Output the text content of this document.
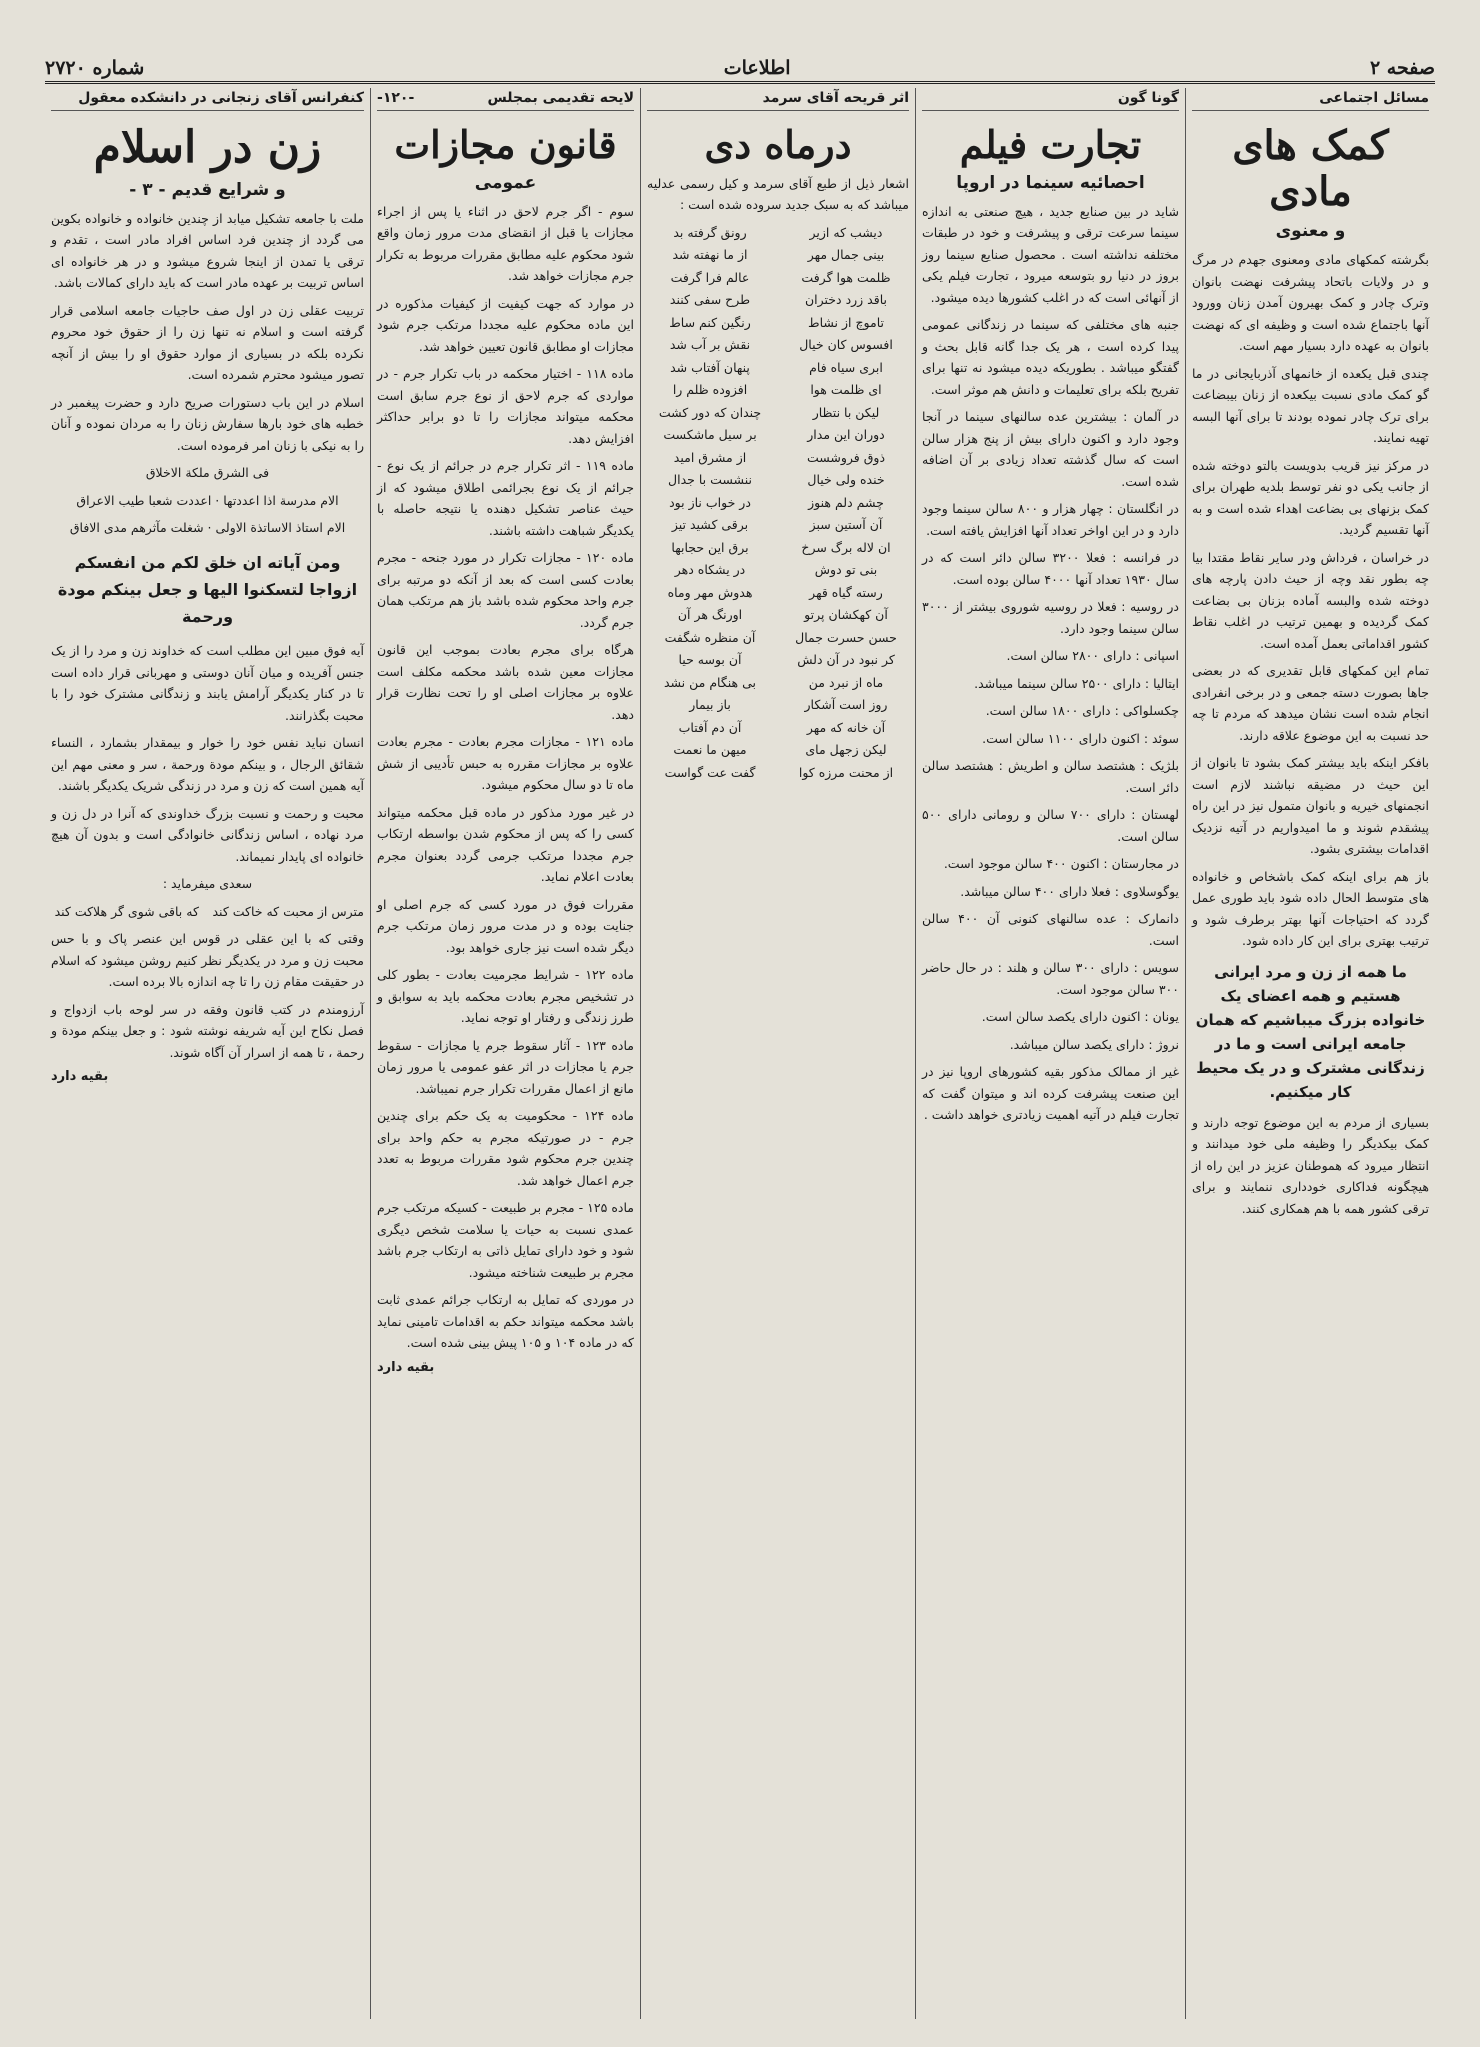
صفحه ۲
اطلاعات
شماره ۲۷۲۰
مسائل اجتماعی
کمک های مادی
و معنوی

بگرشته کمکهای مادی ومعنوی جهدم در مرگ و در ولایات باتحاد پیشرفت نهضت بانوان وترک چادر و کمک بهیرون آمدن زنان وورود آنها باجتماع شده است و وظیفه ای که نهضت بانوان به عهده دارد بسیار مهم است.

چندی قبل یکعده از خانمهای آذربایجانی در ما گو کمک مادی نسبت بیکعده از زنان بیبضاعت برای ترک چادر نموده بودند تا برای آنها البسه تهیه نمایند.

در مرکز نیز قریب بدویست بالتو دوخته شده از جانب یکی دو نفر توسط بلدیه طهران برای کمک بزنهای بی بضاعت اهداء شده است و به آنها تقسیم گردید.

در خراسان ، فرداش ودر سایر نقاط مقتدا بیا چه بطور نقد وچه از حیث دادن پارچه های دوخته شده والبسه آماده بزنان بی بضاعت کمک گردیده و بهمین ترتیب در اغلب نقاط کشور اقداماتی بعمل آمده است.

تمام این کمکهای قابل تقدیری که در بعضی جاها بصورت دسته جمعی و در برخی انفرادی انجام شده است نشان میدهد که مردم تا چه حد نسبت به این موضوع علاقه دارند.

بافکر اینکه باید بیشتر کمک بشود تا بانوان از این حیث در مضیقه نباشند لازم است انجمنهای خیریه و بانوان متمول نیز در این راه پیشقدم شوند و ما امیدواریم در آتیه نزدیک اقدامات بیشتری بشود.

باز هم برای اینکه کمک باشخاص و خانواده های متوسط الحال داده شود باید طوری عمل گردد که احتیاجات آنها بهتر برطرف شود و ترتیب بهتری برای این کار داده شود.

ما همه از زن و مرد ایرانی هستیم و همه اعضای یک خانواده بزرگ میباشیم که همان جامعه ایرانی است و ما در زندگانی مشترک و در یک محیط کار میکنیم.

بسیاری از مردم به این موضوع توجه دارند و کمک بیکدیگر را وظیفه ملی خود میدانند و انتظار میرود که هموطنان عزیز در این راه از هیچگونه فداکاری خودداری ننمایند و برای ترقی کشور همه با هم همکاری کنند.

گونا گون
تجارت فیلم
احصائیه سینما در اروپا

شاید در بین صنایع جدید ، هیچ صنعتی به اندازه سینما سرعت ترقی و پیشرفت و خود در طبقات مختلفه نداشته است . محصول صنایع سینما روز بروز در دنیا رو بتوسعه میرود ، تجارت فیلم یکی از آنهائی است که در اغلب کشورها دیده میشود.

جنبه های مختلفی که سینما در زندگانی عمومی پیدا کرده است ، هر یک جدا گانه قابل بحث و گفتگو میباشد . بطوریکه دیده میشود نه تنها برای تفریح بلکه برای تعلیمات و دانش هم موثر است.

در آلمان : بیشترین عده سالنهای سینما در آنجا وجود دارد و اکنون دارای بیش از پنج هزار سالن است که سال گذشته تعداد زیادی بر آن اضافه شده است.

در انگلستان : چهار هزار و ۸۰۰ سالن سینما وجود دارد و در این اواخر تعداد آنها افزایش یافته است.

در فرانسه : فعلا ۳۲۰۰ سالن دائر است که در سال ۱۹۳۰ تعداد آنها ۴۰۰۰ سالن بوده است.

در روسیه : فعلا در روسیه شوروی بیشتر از ۳۰۰۰ سالن سینما وجود دارد.

اسپانی : دارای ۲۸۰۰ سالن است.

ایتالیا : دارای ۲۵۰۰ سالن سینما میباشد.

چکسلواکی : دارای ۱۸۰۰ سالن است.

سوئد : اکنون دارای ۱۱۰۰ سالن است.

بلژیک : هشتصد سالن و اطریش : هشتصد سالن دائر است.

لهستان : دارای ۷۰۰ سالن و رومانی دارای ۵۰۰ سالن است.

در مجارستان : اکنون ۴۰۰ سالن موجود است.

یوگوسلاوی : فعلا دارای ۴۰۰ سالن میباشد.

دانمارک : عده سالنهای کنونی آن ۴۰۰ سالن است.

سویس : دارای ۳۰۰ سالن و هلند : در حال حاضر ۳۰۰ سالن موجود است.

یونان : اکنون دارای یکصد سالن است.

نروژ : دارای یکصد سالن میباشد.

غیر از ممالک مذکور بقیه کشورهای اروپا نیز در این صنعت پیشرفت کرده اند و میتوان گفت که تجارت فیلم در آتیه اهمیت زیادتری خواهد داشت .

اثر قریحه آقای سرمد
درماه دی

اشعار ذیل از طبع آقای سرمد و کیل رسمی عدلیه میباشد که به سبک جدید سروده شده است :

دیشب که ازیر
رونق گرفته بد
بینی جمال مهر
از ما نهفته شد
ظلمت هوا گرفت
عالم فرا گرفت
باقد زرد دختران
طرح سفی کنند
تاموچ از نشاط
رنگین کنم ساط
افسوس کان خیال
نقش بر آب شد
ابری سیاه فام
پنهان آفتاب شد
ای ظلمت هوا
افزوده ظلم را
لیکن با نتظار
چندان که دور کشت
دوران این مدار
بر سیل ماشکست
ذوق فروشست
از مشرق امید
خنده ولی خیال
ننشست با جدال
چشم دلم هنوز
در خواب ناز بود
آن آستین سبز
برقی کشید تیز
ان لاله برگ سرخ
برق این حجابها
بنی تو دوش
در یشکاه دهر
رسته گیاه قهر
هدوش مهر وماه
آن کهکشان پرتو
اورنگ هر آن
حسن حسرت جمال
آن منظره شگفت
کر نبود در آن دلش
آن بوسه حیا
ماه از نبرد من
بی هنگام من نشد
روز است آشکار
باز بیمار
آن خانه که مهر
آن دم آفتاب
لیکن زجهل مای
میهن ما نعمت
از محنت مرزه کوا
گفت عت گواست
لایحه تقدیمی بمجلس
-۱۲۰-
قانون مجازات
عمومی

سوم - اگر جرم لاحق در اثناء یا پس از اجراء مجازات یا قبل از انقضای مدت مرور زمان واقع شود محکوم علیه مطابق مقررات مربوط به تکرار جرم مجازات خواهد شد.

در موارد که جهت کیفیت از کیفیات مذکوره در این ماده محکوم علیه مجددا مرتکب جرم شود مجازات او مطابق قانون تعیین خواهد شد.

ماده ۱۱۸ - اختیار محکمه در باب تکرار جرم - در مواردی که جرم لاحق از نوع جرم سابق است محکمه میتواند مجازات را تا دو برابر حداکثر افزایش دهد.

ماده ۱۱۹ - اثر تکرار جرم در جرائم از یک نوع - جرائم از یک نوع بجرائمی اطلاق میشود که از حیث عناصر تشکیل دهنده یا نتیجه حاصله با یکدیگر شباهت داشته باشند.

ماده ۱۲۰ - مجازات تکرار در مورد جنحه - مجرم بعادت کسی است که بعد از آنکه دو مرتبه برای جرم واحد محکوم شده باشد باز هم مرتکب همان جرم گردد.

هرگاه برای مجرم بعادت بموجب این قانون مجازات معین شده باشد محکمه مکلف است علاوه بر مجازات اصلی او را تحت نظارت قرار دهد.

ماده ۱۲۱ - مجازات مجرم بعادت - مجرم بعادت علاوه بر مجازات مقرره به حبس تأدیبی از شش ماه تا دو سال محکوم میشود.

در غیر مورد مذکور در ماده قبل محکمه میتواند کسی را که پس از محکوم شدن بواسطه ارتکاب جرم مجددا مرتکب جرمی گردد بعنوان مجرم بعادت اعلام نماید.

مقررات فوق در مورد کسی که جرم اصلی او جنایت بوده و در مدت مرور زمان مرتکب جرم دیگر شده است نیز جاری خواهد بود.

ماده ۱۲۲ - شرایط مجرمیت بعادت - بطور کلی در تشخیص مجرم بعادت محکمه باید به سوابق و طرز زندگی و رفتار او توجه نماید.

ماده ۱۲۳ - آثار سقوط جرم یا مجازات - سقوط جرم یا مجازات در اثر عفو عمومی یا مرور زمان مانع از اعمال مقررات تکرار جرم نمیباشد.

ماده ۱۲۴ - محکومیت به یک حکم برای چندین جرم - در صورتیکه مجرم به حکم واحد برای چندین جرم محکوم شود مقررات مربوط به تعدد جرم اعمال خواهد شد.

ماده ۱۲۵ - مجرم بر طبیعت - کسیکه مرتکب جرم عمدی نسبت به حیات یا سلامت شخص دیگری شود و خود دارای تمایل ذاتی به ارتکاب جرم باشد مجرم بر طبیعت شناخته میشود.

در موردی که تمایل به ارتکاب جرائم عمدی ثابت باشد محکمه میتواند حکم به اقدامات تامینی نماید که در ماده ۱۰۴ و ۱۰۵ پیش بینی شده است.

بقیه دارد

کنفرانس آقای زنجانی در دانشکده معقول
زن در اسلام
و شرایع قدیم - ۳ -

ملت با جامعه تشکیل میابد از چندین خانواده و خانواده بکوین می گردد از چندین فرد اساس افراد مادر است ، تقدم و ترقی یا تمدن از اینجا شروع میشود و در هر خانواده ای اساس تربیت بر عهده مادر است که باید دارای کمالات باشد.

تربیت عقلی زن در اول صف حاجیات جامعه اسلامی قرار گرفته است و اسلام نه تنها زن را از حقوق خود محروم نکرده بلکه در بسیاری از موارد حقوق او را بیش از آنچه تصور میشود محترم شمرده است.

اسلام در این باب دستورات صریح دارد و حضرت پیغمبر در خطبه های خود بارها سفارش زنان را به مردان نموده و آنان را به نیکی با زنان امر فرموده است.

فی الشرق ملکة الاخلاق

الام مدرسة اذا اعددتها · اعددت شعبا طیب الاعراق

الام استاذ الاساتذة الاولی · شغلت مآثرهم مدی الافاق

ومن آیاته ان خلق لکم من انفسکم ازواجا لتسکنوا الیها و جعل بینکم مودة ورحمة

آیه فوق مبین این مطلب است که خداوند زن و مرد را از یک جنس آفریده و میان آنان دوستی و مهربانی قرار داده است تا در کنار یکدیگر آرامش یابند و زندگانی مشترک خود را با محبت بگذرانند.

انسان نباید نفس خود را خوار و بیمقدار بشمارد ، النساء شقائق الرجال ، و بینکم مودة ورحمة ، سر و معنی مهم این آیه همین است که زن و مرد در زندگی شریک یکدیگر باشند.

محبت و رحمت و نسبت بزرگ خداوندی که آنرا در دل زن و مرد نهاده ، اساس زندگانی خانوادگی است و بدون آن هیچ خانواده ای پایدار نمیماند.

سعدی میفرماید :

مترس از محبت که خاکت کند
که باقی شوی گر هلاکت کند

وقتی که با این عقلی در قوس این عنصر پاک و با حس محبت زن و مرد در یکدیگر نظر کنیم روشن میشود که اسلام در حقیقت مقام زن را تا چه اندازه بالا برده است.

آرزومندم در کتب قانون وفقه در سر لوحه باب ازدواج و فصل نکاح این آیه شریفه نوشته شود : و جعل بینکم مودة و رحمة ، تا همه از اسرار آن آگاه شوند.

بقیه دارد
